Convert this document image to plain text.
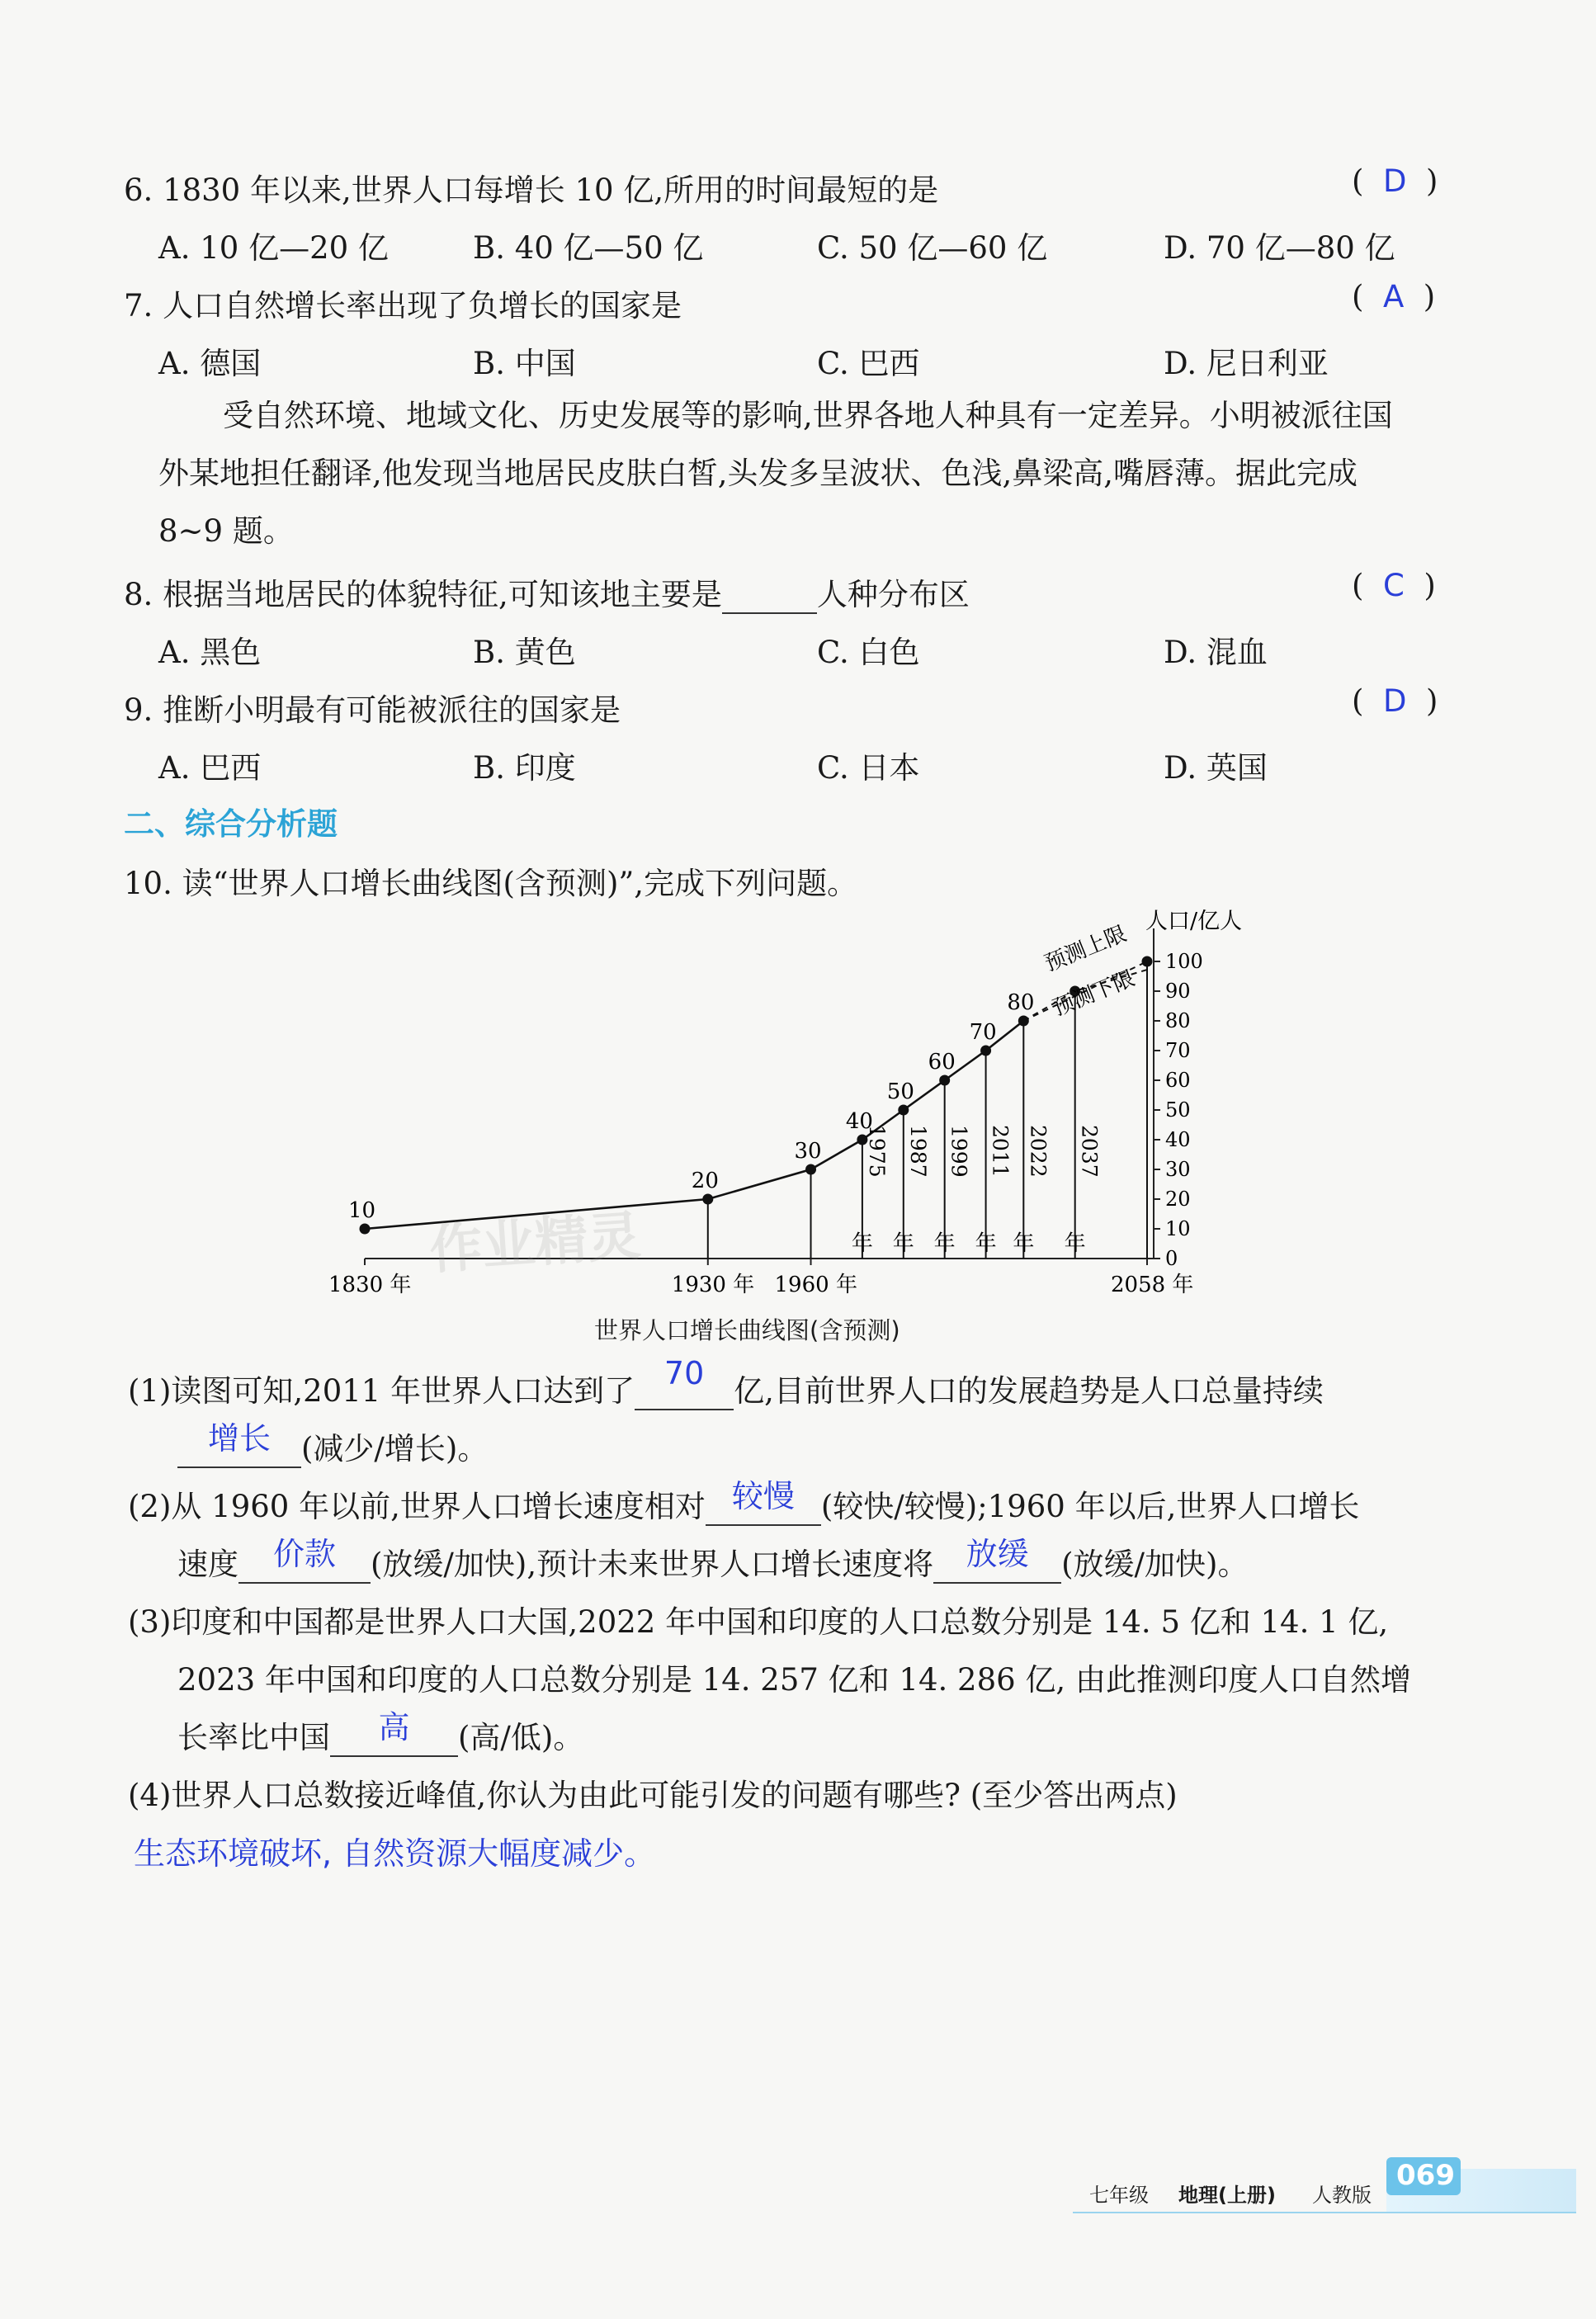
6. 1830 年以来,世界人口每增长 10 亿,所用的时间最短的是	(  D  )
A. 10 亿—20 亿	B. 40 亿—50 亿	C. 50 亿—60 亿	D. 70 亿—80 亿
7. 人口自然增长率出现了负增长的国家是	(  A  )
A. 德国	B. 中国	C. 巴西	D. 尼日利亚
受自然环境、地域文化、历史发展等的影响,世界各地人种具有一定差异。小明被派往国
外某地担任翻译,他发现当地居民皮肤白皙,头发多呈波状、色浅,鼻梁高,嘴唇薄。据此完成
8~9 题。
8. 根据当地居民的体貌特征,可知该地主要是	人种分布区	(  C  )
A. 黑色	B. 黄色	C. 白色	D. 混血
9. 推断小明最有可能被派往的国家是	(  D  )
A. 巴西	B. 印度	C. 日本	D. 英国
二、综合分析题
10. 读“世界人口增长曲线图(含预测)”,完成下列问题。
0
10
20
30
40
50
60
70
80
90
100
人口/亿人
1830 年	1930 年 1960 年	2058 年
10
20
30
40
1975
年
50
1987
年
60
1999
年
70
2011
年
80
2022
年
2037
年
预测上限
预测下限
世界人口增长曲线图(含预测)
(1)读图可知,2011 年世界人口达到了 70 亿,目前世界人口的发展趋势是人口总量持续

增长	(减少/增长)。
(2)从 1960 年以前,世界人口增长速度相对 较慢 (较快/较慢);1960 年以后,世界人口增长
速度	价款	(放缓/加快),预计未来世界人口增长速度将	放缓	(放缓/加快)。
(3)印度和中国都是世界人口大国,2022 年中国和印度的人口总数分别是 14. 5 亿和 14. 1 亿,
2023 年中国和印度的人口总数分别是 14. 257 亿和 14. 286 亿, 由此推测印度人口自然增
长率比中国	高	(高/低)。
(4)世界人口总数接近峰值,你认为由此可能引发的问题有哪些? (至少答出两点)
生态环境破坏, 自然资源大幅度减少。
作业精灵
七年级 地理(上册) 人教版
069
